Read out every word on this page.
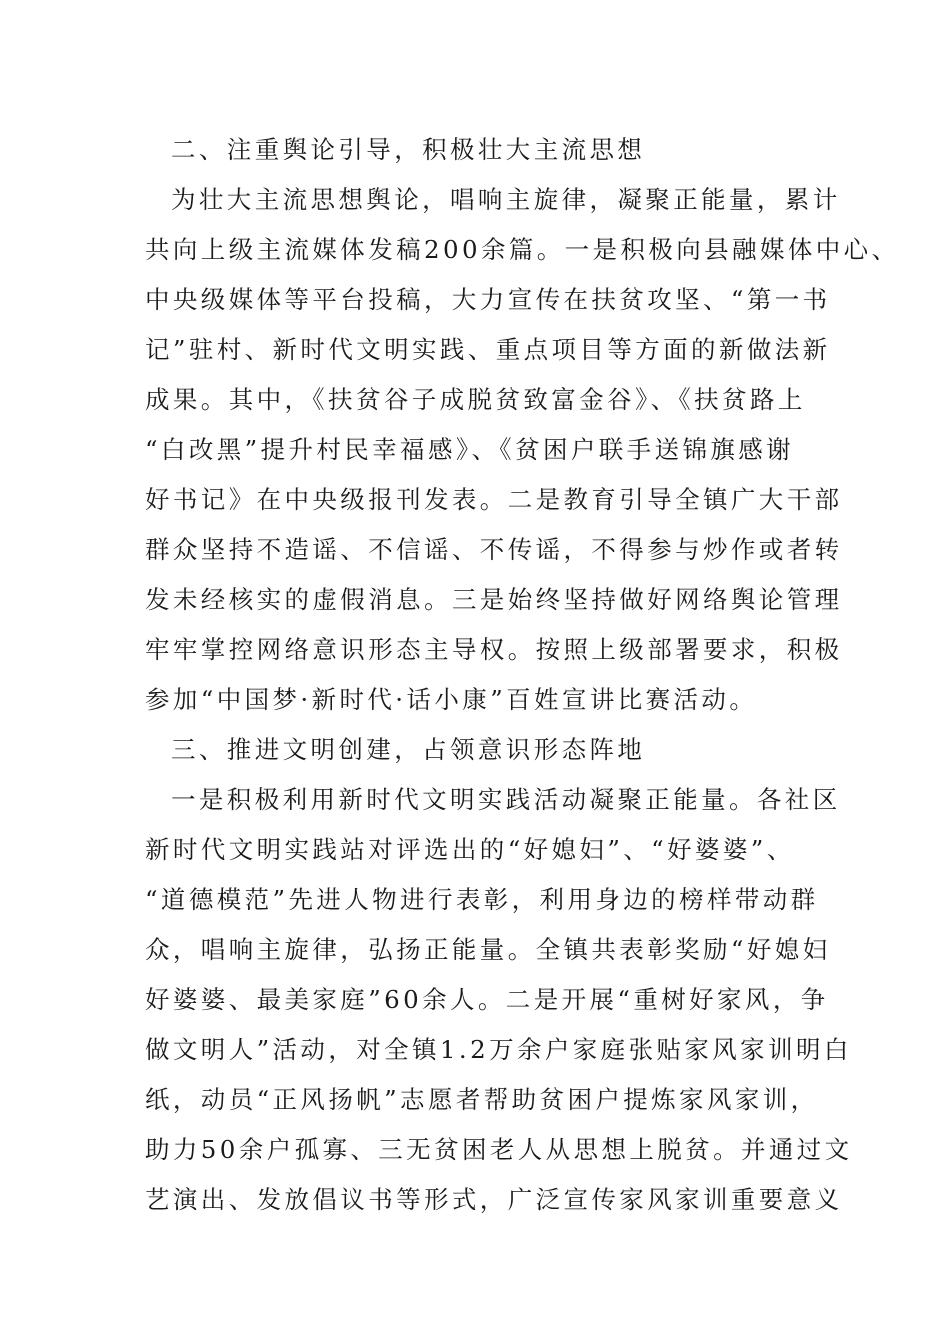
二、注重舆论引导，积极壮大主流思想
为壮大主流思想舆论，唱响主旋律，凝聚正能量，累计
共向上级主流媒体发稿200余篇。一是积极向县融媒体中心、
中央级媒体等平台投稿，大力宣传在扶贫攻坚、“第一书
记”驻村、新时代文明实践、重点项目等方面的新做法新
成果。其中，《扶贫谷子成脱贫致富金谷》、《扶贫路上
“白改黑”提升村民幸福感》、《贫困户联手送锦旗感谢
好书记》在中央级报刊发表。二是教育引导全镇广大干部
群众坚持不造谣、不信谣、不传谣，不得参与炒作或者转
发未经核实的虚假消息。三是始终坚持做好网络舆论管理
牢牢掌控网络意识形态主导权。按照上级部署要求，积极
参加“中国梦·新时代·话小康”百姓宣讲比赛活动。
三、推进文明创建，占领意识形态阵地
一是积极利用新时代文明实践活动凝聚正能量。各社区
新时代文明实践站对评选出的“好媳妇”、“好婆婆”、
“道德模范”先进人物进行表彰，利用身边的榜样带动群
众，唱响主旋律，弘扬正能量。全镇共表彰奖励“好媳妇
好婆婆、最美家庭”60余人。二是开展“重树好家风，争
做文明人”活动，对全镇1.2万余户家庭张贴家风家训明白
纸，动员“正风扬帆”志愿者帮助贫困户提炼家风家训，
助力50余户孤寡、三无贫困老人从思想上脱贫。并通过文
艺演出、发放倡议书等形式，广泛宣传家风家训重要意义
